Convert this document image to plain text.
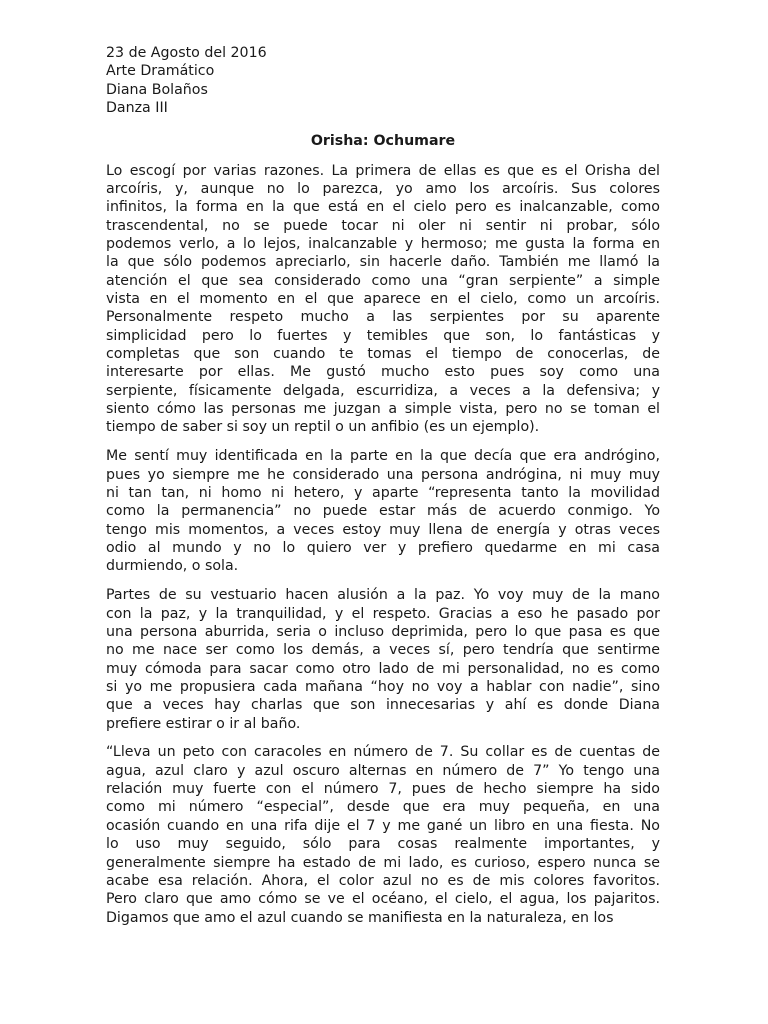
23 de Agosto del 2016

Arte Dramático

Diana Bolaños

Danza III

Orisha: Ochumare
Lo escogí por varias razones. La primera de ellas es que es el Orisha del
arcoíris, y, aunque no lo parezca, yo amo los arcoíris. Sus colores
infinitos, la forma en la que está en el cielo pero es inalcanzable, como
trascendental, no se puede tocar ni oler ni sentir ni probar, sólo
podemos verlo, a lo lejos, inalcanzable y hermoso; me gusta la forma en
la que sólo podemos apreciarlo, sin hacerle daño. También me llamó la
atención el que sea considerado como una “gran serpiente” a simple
vista en el momento en el que aparece en el cielo, como un arcoíris.
Personalmente respeto mucho a las serpientes por su aparente
simplicidad pero lo fuertes y temibles que son, lo fantásticas y
completas que son cuando te tomas el tiempo de conocerlas, de
interesarte por ellas. Me gustó mucho esto pues soy como una
serpiente, físicamente delgada, escurridiza, a veces a la defensiva; y
siento cómo las personas me juzgan a simple vista, pero no se toman el
tiempo de saber si soy un reptil o un anfibio (es un ejemplo).
Me sentí muy identificada en la parte en la que decía que era andrógino,
pues yo siempre me he considerado una persona andrógina, ni muy muy
ni tan tan, ni homo ni hetero, y aparte “representa tanto la movilidad
como la permanencia” no puede estar más de acuerdo conmigo. Yo
tengo mis momentos, a veces estoy muy llena de energía y otras veces
odio al mundo y no lo quiero ver y prefiero quedarme en mi casa
durmiendo, o sola.
Partes de su vestuario hacen alusión a la paz. Yo voy muy de la mano
con la paz, y la tranquilidad, y el respeto. Gracias a eso he pasado por
una persona aburrida, seria o incluso deprimida, pero lo que pasa es que
no me nace ser como los demás, a veces sí, pero tendría que sentirme
muy cómoda para sacar como otro lado de mi personalidad, no es como
si yo me propusiera cada mañana “hoy no voy a hablar con nadie”, sino
que a veces hay charlas que son innecesarias y ahí es donde Diana
prefiere estirar o ir al baño.
“Lleva un peto con caracoles en número de 7. Su collar es de cuentas de
agua, azul claro y azul oscuro alternas en número de 7” Yo tengo una
relación muy fuerte con el número 7, pues de hecho siempre ha sido
como mi número “especial”, desde que era muy pequeña, en una
ocasión cuando en una rifa dije el 7 y me gané un libro en una fiesta. No
lo uso muy seguido, sólo para cosas realmente importantes, y
generalmente siempre ha estado de mi lado, es curioso, espero nunca se
acabe esa relación. Ahora, el color azul no es de mis colores favoritos.
Pero claro que amo cómo se ve el océano, el cielo, el agua, los pajaritos.
Digamos que amo el azul cuando se manifiesta en la naturaleza, en los
